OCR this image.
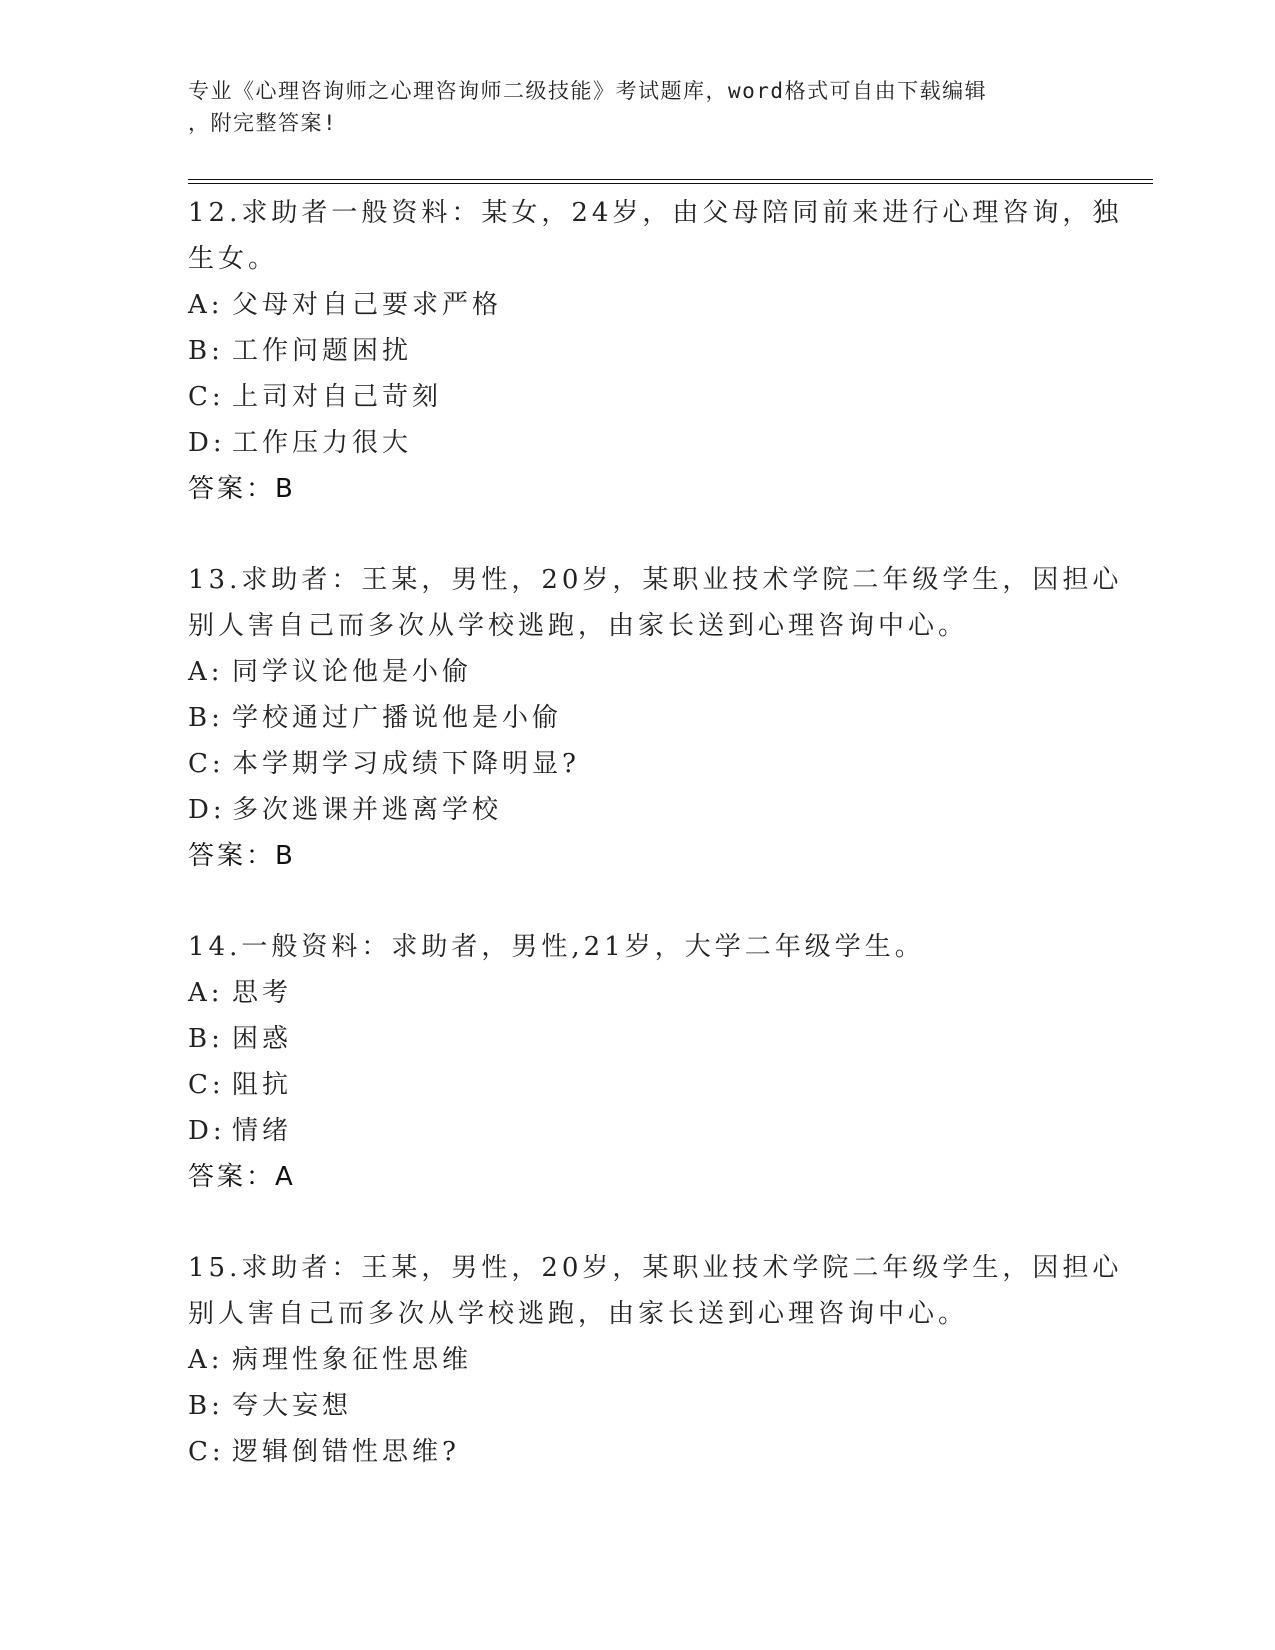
专业《心理咨询师之心理咨询师二级技能》考试题库，word格式可自由下载编辑
，附完整答案!
12.求助者一般资料：某女，24岁，由父母陪同前来进行心理咨询，独
生女。
A: 父母对自己要求严格
B: 工作问题困扰
C: 上司对自己苛刻
D: 工作压力很大
答案：B
13.求助者：王某，男性，20岁，某职业技术学院二年级学生，因担心
别人害自己而多次从学校逃跑，由家长送到心理咨询中心。
A: 同学议论他是小偷
B: 学校通过广播说他是小偷
C: 本学期学习成绩下降明显?
D: 多次逃课并逃离学校
答案：B
14.一般资料：求助者，男性,21岁，大学二年级学生。
A: 思考
B: 困惑
C: 阻抗
D: 情绪
答案：A
15.求助者：王某，男性，20岁，某职业技术学院二年级学生，因担心
别人害自己而多次从学校逃跑，由家长送到心理咨询中心。
A: 病理性象征性思维
B: 夸大妄想
C: 逻辑倒错性思维?
